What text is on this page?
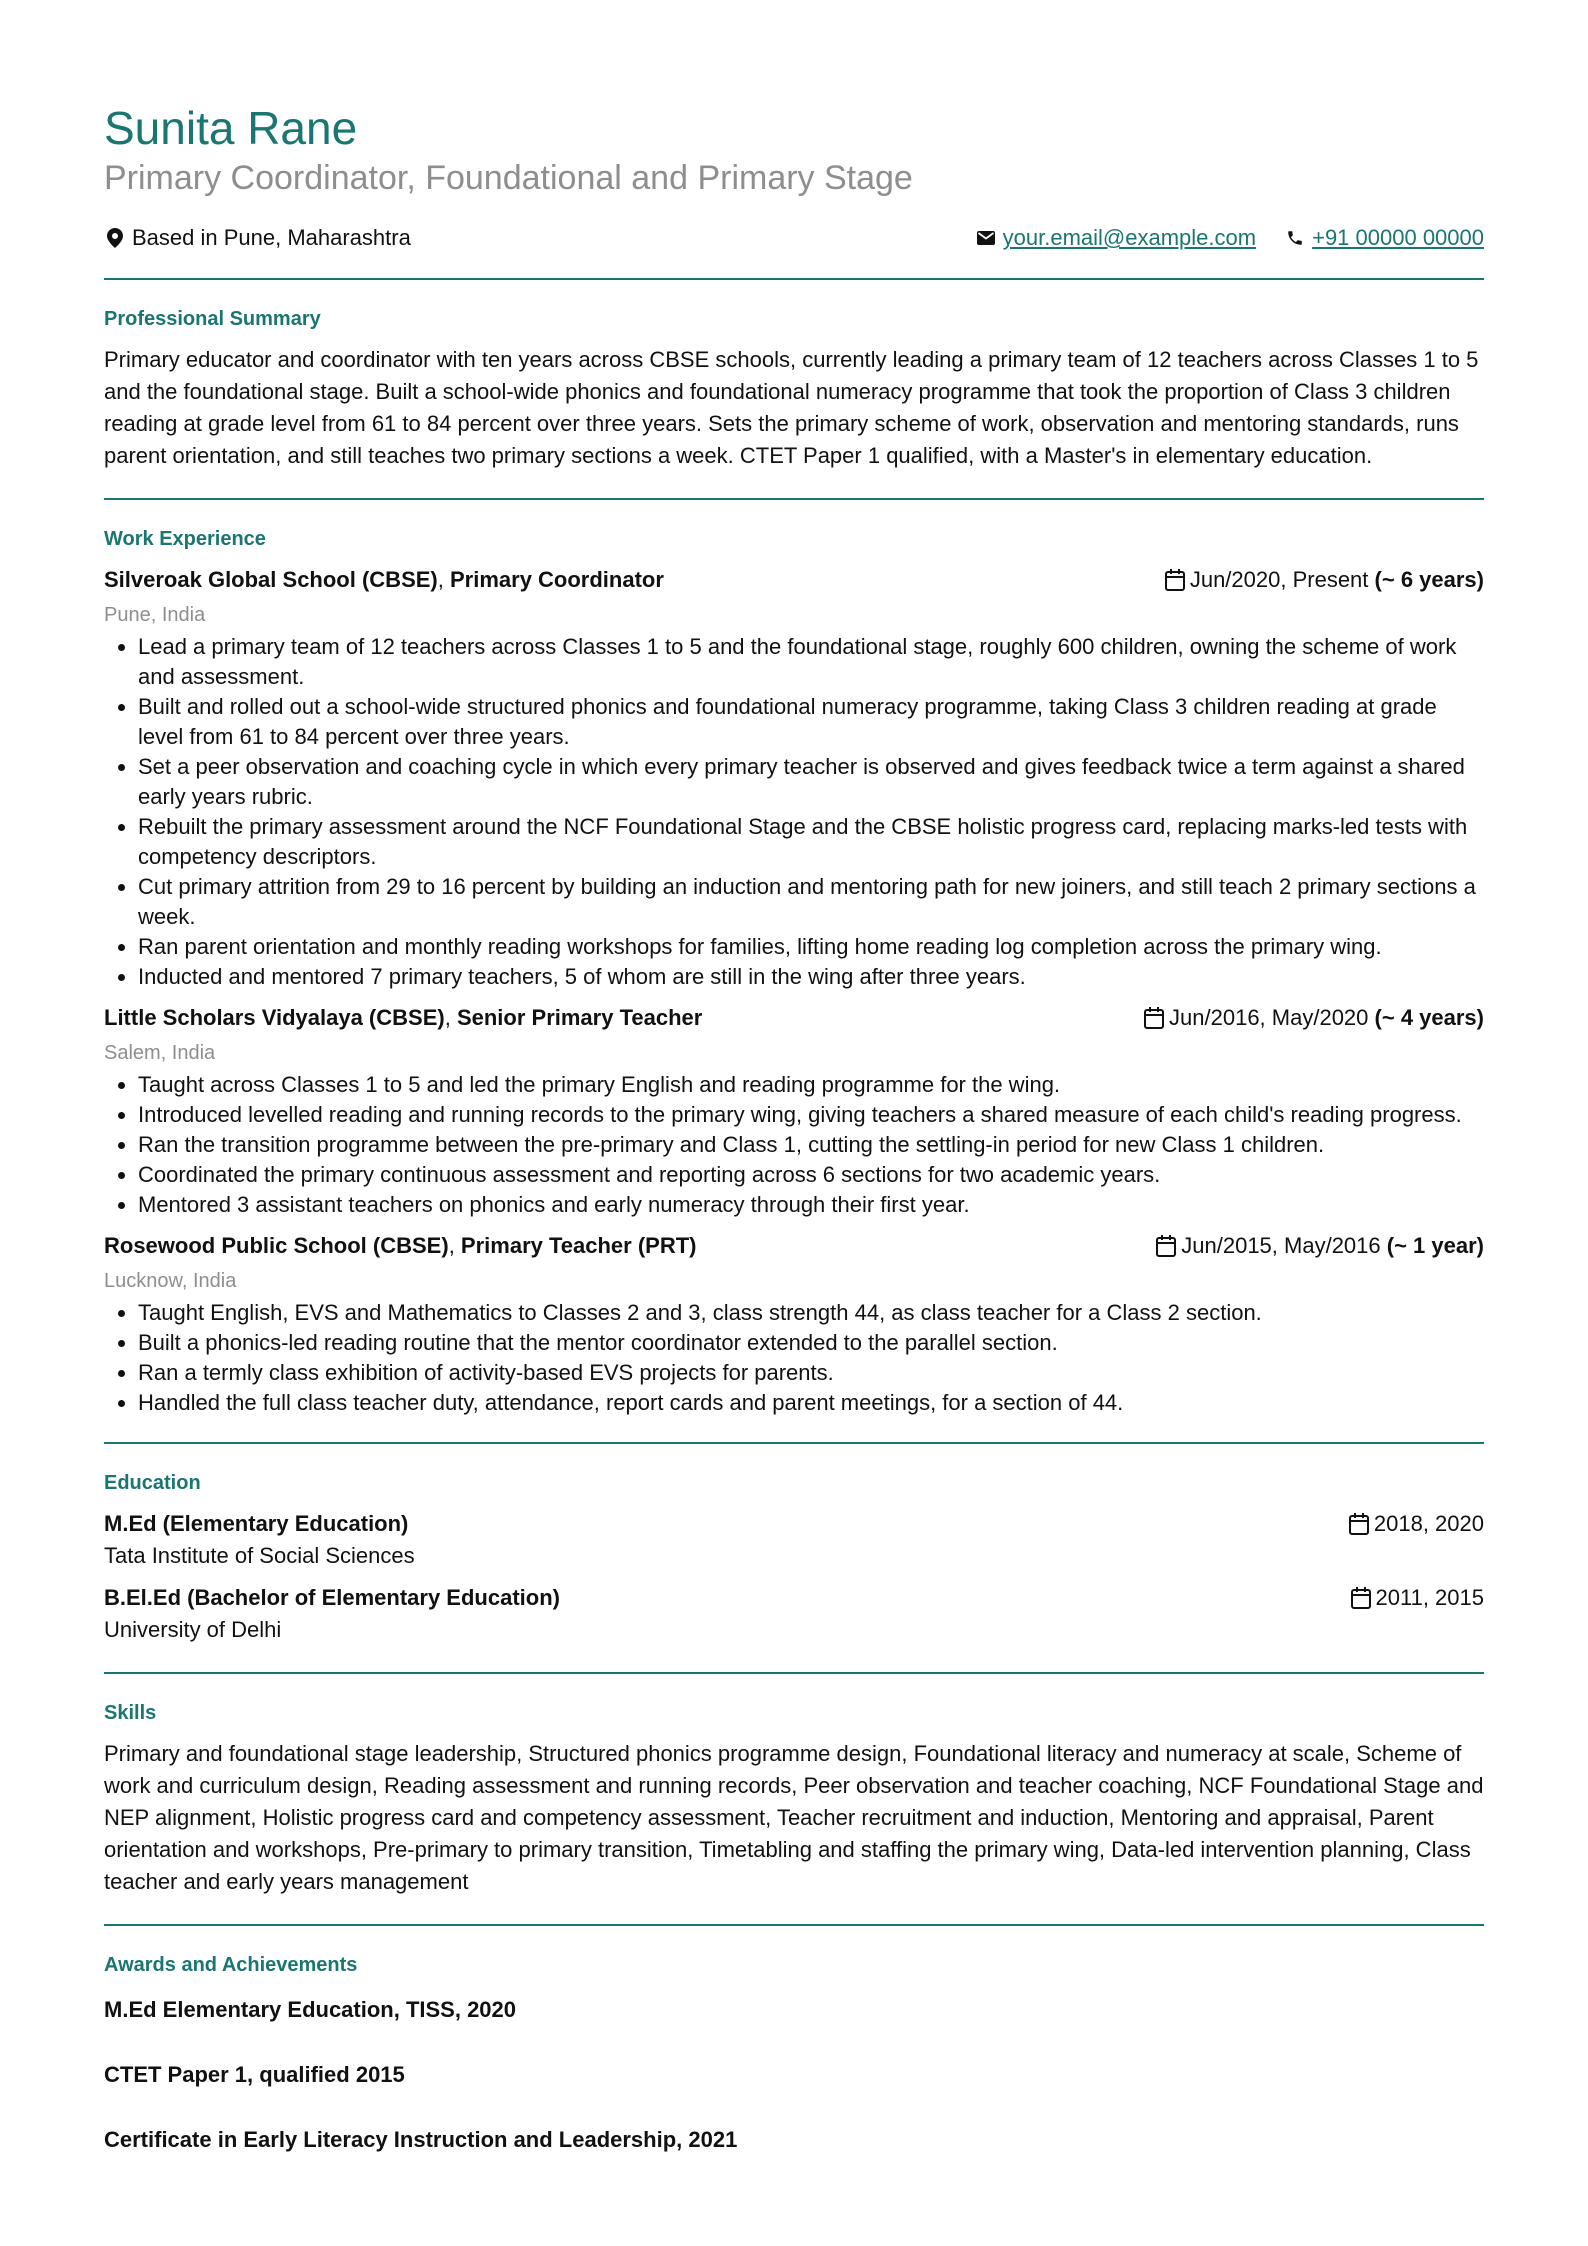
Sunita Rane
Primary Coordinator, Foundational and Primary Stage
Based in Pune, Maharashtra	your.email@example.com	+91 00000 00000
Professional Summary

Primary educator and coordinator with ten years across CBSE schools, currently leading a primary team of 12 teachers across Classes 1 to 5 and the foundational stage. Built a school-wide phonics and foundational numeracy programme that took the proportion of Class 3 children reading at grade level from 61 to 84 percent over three years. Sets the primary scheme of work, observation and mentoring standards, runs parent orientation, and still teaches two primary sections a week. CTET Paper 1 qualified, with a Master's in elementary education.

Work Experience
Silveroak Global School (CBSE), Primary Coordinator	Jun/2020, Present
(~ 6 years)
Pune, India
• Lead a primary team of 12 teachers across Classes 1 to 5 and the foundational stage, roughly 600 children, owning the scheme of work and assessment.
• Built and rolled out a school-wide structured phonics and foundational numeracy programme, taking Class 3 children reading at grade level from 61 to 84 percent over three years.
• Set a peer observation and coaching cycle in which every primary teacher is observed and gives feedback twice a term against a shared early years rubric.
• Rebuilt the primary assessment around the NCF Foundational Stage and the CBSE holistic progress card, replacing marks-led tests with competency descriptors.
• Cut primary attrition from 29 to 16 percent by building an induction and mentoring path for new joiners, and still teach 2 primary sections a week.
• Ran parent orientation and monthly reading workshops for families, lifting home reading log completion across the primary wing.
• Inducted and mentored 7 primary teachers, 5 of whom are still in the wing after three years.
Little Scholars Vidyalaya (CBSE), Senior Primary Teacher	Jun/2016, May/2020
(~ 4 years)
Salem, India
• Taught across Classes 1 to 5 and led the primary English and reading programme for the wing.
• Introduced levelled reading and running records to the primary wing, giving teachers a shared measure of each child's reading progress.
• Ran the transition programme between the pre-primary and Class 1, cutting the settling-in period for new Class 1 children.
• Coordinated the primary continuous assessment and reporting across 6 sections for two academic years.
• Mentored 3 assistant teachers on phonics and early numeracy through their first year.
Rosewood Public School (CBSE), Primary Teacher (PRT)	Jun/2015, May/2016
(~ 1 year)
Lucknow, India
• Taught English, EVS and Mathematics to Classes 2 and 3, class strength 44, as class teacher for a Class 2 section.
• Built a phonics-led reading routine that the mentor coordinator extended to the parallel section.
• Ran a termly class exhibition of activity-based EVS projects for parents.
• Handled the full class teacher duty, attendance, report cards and parent meetings, for a section of 44.
Education
M.Ed (Elementary Education)	2018, 2020
Tata Institute of Social Sciences
B.El.Ed (Bachelor of Elementary Education)	2011, 2015
University of Delhi
Skills

Primary and foundational stage leadership, Structured phonics programme design, Foundational literacy and numeracy at scale, Scheme of work and curriculum design, Reading assessment and running records, Peer observation and teacher coaching, NCF Foundational Stage and NEP alignment, Holistic progress card and competency assessment, Teacher recruitment and induction, Mentoring and appraisal, Parent orientation and workshops, Pre-primary to primary transition, Timetabling and staffing the primary wing, Data-led intervention planning, Class teacher and early years management

Awards and Achievements
M.Ed Elementary Education, TISS, 2020
CTET Paper 1, qualified 2015
Certificate in Early Literacy Instruction and Leadership, 2021
